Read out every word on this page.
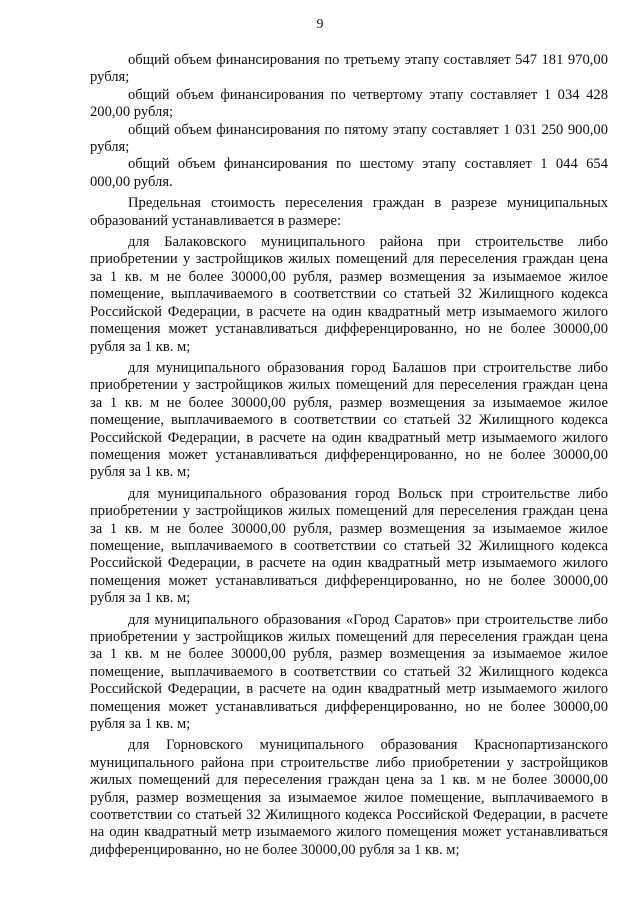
9

общий объем финансирования по третьему этапу составляет 547 181 970,00 рубля;

общий объем финансирования по четвертому этапу составляет 1 034 428 200,00 рубля;

общий объем финансирования по пятому этапу составляет 1 031 250 900,00 рубля;

общий объем финансирования по шестому этапу составляет 1 044 654 000,00 рубля.

Предельная стоимость переселения граждан в разрезе муниципальных образований устанавливается в размере:

для Балаковского муниципального района при строительстве либо приобретении у застройщиков жилых помещений для переселения граждан цена за 1 кв. м не более 30000,00 рубля, размер возмещения за изымаемое жилое помещение, выплачиваемого в соответствии со статьей 32 Жилищного кодекса Российской Федерации, в расчете на один квадратный метр изымаемого жилого помещения может устанавливаться дифференцированно, но не более 30000,00 рубля за 1 кв. м;

для муниципального образования город Балашов при строительстве либо приобретении у застройщиков жилых помещений для переселения граждан цена за 1 кв. м не более 30000,00 рубля, размер возмещения за изымаемое жилое помещение, выплачиваемого в соответствии со статьей 32 Жилищного кодекса Российской Федерации, в расчете на один квадратный метр изымаемого жилого помещения может устанавливаться дифференцированно, но не более 30000,00 рубля за 1 кв. м;

для муниципального образования город Вольск при строительстве либо приобретении у застройщиков жилых помещений для переселения граждан цена за 1 кв. м не более 30000,00 рубля, размер возмещения за изымаемое жилое помещение, выплачиваемого в соответствии со статьей 32 Жилищного кодекса Российской Федерации, в расчете на один квадратный метр изымаемого жилого помещения может устанавливаться дифференцированно, но не более 30000,00 рубля за 1 кв. м;

для муниципального образования «Город Саратов» при строительстве либо приобретении у застройщиков жилых помещений для переселения граждан цена за 1 кв. м не более 30000,00 рубля, размер возмещения за изымаемое жилое помещение, выплачиваемого в соответствии со статьей 32 Жилищного кодекса Российской Федерации, в расчете на один квадратный метр изымаемого жилого помещения может устанавливаться дифференцированно, но не более 30000,00 рубля за 1 кв. м;

для Горновского муниципального образования Краснопартизанского муниципального района при строительстве либо приобретении у застройщиков жилых помещений для переселения граждан цена за 1 кв. м не более 30000,00 рубля, размер возмещения за изымаемое жилое помещение, выплачиваемого в соответствии со статьей 32 Жилищного кодекса Российской Федерации, в расчете на один квадратный метр изымаемого жилого помещения может устанавливаться дифференцированно, но не более 30000,00 рубля за 1 кв. м;
